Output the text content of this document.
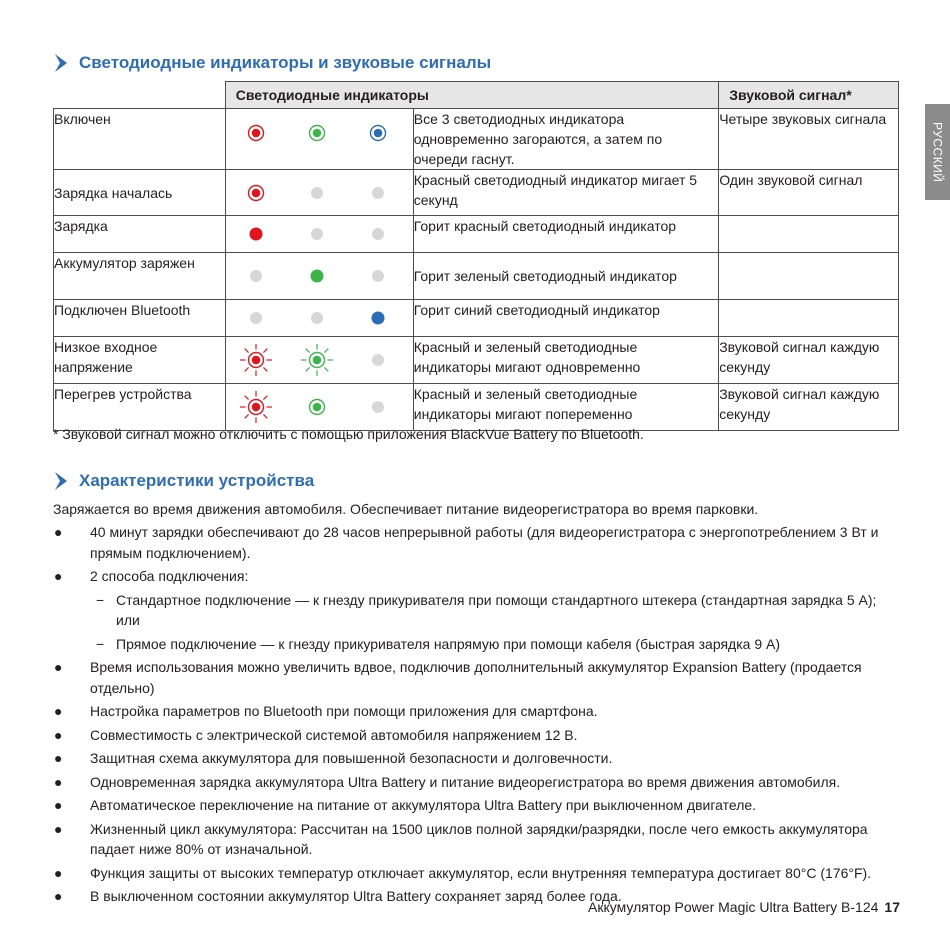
РУССКИЙ
Светодиодные индикаторы и звуковые сигналы
	Светодиодные индикаторы		Звуковой сигнал*
Включен		Все 3 светодиодных индикатора одновременно загораются, а затем по очереди гаснут.	Четыре звуковых сигнала
Зарядка началась		Красный светодиодный индикатор мигает 5 секунд	Один звуковой сигнал
Зарядка		Горит красный светодиодный индикатор	
Аккумулятор заряжен		Горит зеленый светодиодный индикатор	
Подключен Bluetooth		Горит синий светодиодный индикатор	
Низкое входное напряжение		Красный и зеленый светодиодные индикаторы мигают одновременно	Звуковой сигнал каждую секунду
Перегрев устройства		Красный и зеленый светодиодные индикаторы мигают попеременно	Звуковой сигнал каждую секунду
* Звуковой сигнал можно отключить с помощью приложения BlackVue Battery по Bluetooth.
Характеристики устройства
Заряжается во время движения автомобиля. Обеспечивает питание видеорегистратора во время парковки.
● 40 минут зарядки обеспечивают до 28 часов непрерывной работы (для видеорегистратора с энергопотреблением 3 Вт и прямым подключением).
● 2 способа подключения:
− Стандартное подключение — к гнезду прикуривателя при помощи стандартного штекера (стандартная зарядка 5 А); или
− Прямое подключение — к гнезду прикуривателя напрямую при помощи кабеля (быстрая зарядка 9 А)
● Время использования можно увеличить вдвое, подключив дополнительный аккумулятор Expansion Battery (продается отдельно)
● Настройка параметров по Bluetooth при помощи приложения для смартфона.
● Совместимость с электрической системой автомобиля напряжением 12 В.
● Защитная схема аккумулятора для повышенной безопасности и долговечности.
● Одновременная зарядка аккумулятора Ultra Battery и питание видеорегистратора во время движения автомобиля.
● Автоматическое переключение на питание от аккумулятора Ultra Battery при выключенном двигателе.
● Жизненный цикл аккумулятора: Рассчитан на 1500 циклов полной зарядки/разрядки, после чего емкость аккумулятора падает ниже 80% от изначальной.
● Функция защиты от высоких температур отключает аккумулятор, если внутренняя температура достигает 80°C (176°F).
● В выключенном состоянии аккумулятор Ultra Battery сохраняет заряд более года.
Аккумулятор Power Magic Ultra Battery B-124 17
